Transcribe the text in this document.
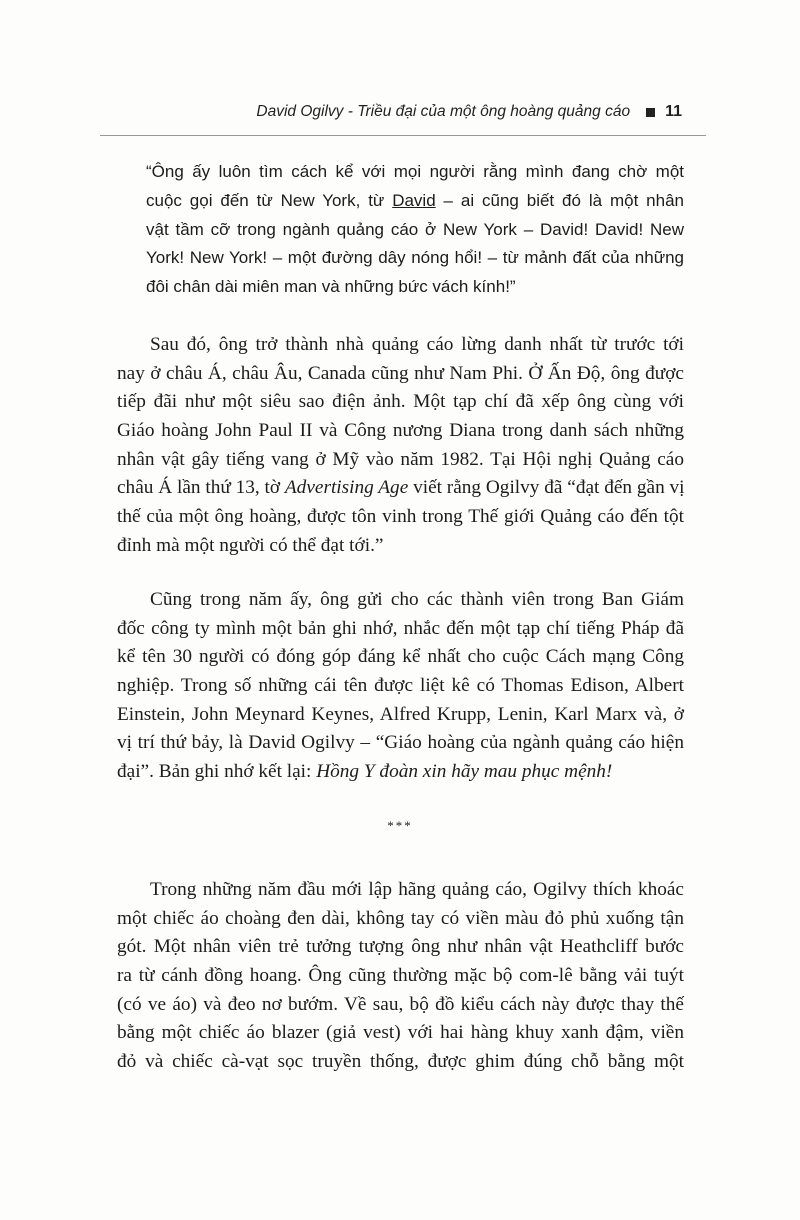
David Ogilvy - Triều đại của một ông hoàng quảng cáo 11
“Ông ấy luôn tìm cách kể với mọi người rằng mình đang chờ một
cuộc gọi đến từ New York, từ David – ai cũng biết đó là một nhân
vật tầm cỡ trong ngành quảng cáo ở New York – David! David! New
York! New York! – một đường dây nóng hổi! – từ mảnh đất của những
đôi chân dài miên man và những bức vách kính!”
Sau đó, ông trở thành nhà quảng cáo lừng danh nhất từ trước tới
nay ở châu Á, châu Âu, Canada cũng như Nam Phi. Ở Ấn Độ, ông được
tiếp đãi như một siêu sao điện ảnh. Một tạp chí đã xếp ông cùng với
Giáo hoàng John Paul II và Công nương Diana trong danh sách những
nhân vật gây tiếng vang ở Mỹ vào năm 1982. Tại Hội nghị Quảng cáo
châu Á lần thứ 13, tờ Advertising Age viết rằng Ogilvy đã “đạt đến gần vị
thế của một ông hoàng, được tôn vinh trong Thế giới Quảng cáo đến tột
đỉnh mà một người có thể đạt tới.”
Cũng trong năm ấy, ông gửi cho các thành viên trong Ban Giám
đốc công ty mình một bản ghi nhớ, nhắc đến một tạp chí tiếng Pháp đã
kể tên 30 người có đóng góp đáng kể nhất cho cuộc Cách mạng Công
nghiệp. Trong số những cái tên được liệt kê có Thomas Edison, Albert
Einstein, John Meynard Keynes, Alfred Krupp, Lenin, Karl Marx và, ở
vị trí thứ bảy, là David Ogilvy – “Giáo hoàng của ngành quảng cáo hiện
đại”. Bản ghi nhớ kết lại: Hồng Y đoàn xin hãy mau phục mệnh!
***
Trong những năm đầu mới lập hãng quảng cáo, Ogilvy thích khoác
một chiếc áo choàng đen dài, không tay có viền màu đỏ phủ xuống tận
gót. Một nhân viên trẻ tưởng tượng ông như nhân vật Heathcliff bước
ra từ cánh đồng hoang. Ông cũng thường mặc bộ com-lê bằng vải tuýt
(có ve áo) và đeo nơ bướm. Về sau, bộ đồ kiểu cách này được thay thế
bằng một chiếc áo blazer (giả vest) với hai hàng khuy xanh đậm, viền
đỏ và chiếc cà-vạt sọc truyền thống, được ghim đúng chỗ bằng một
